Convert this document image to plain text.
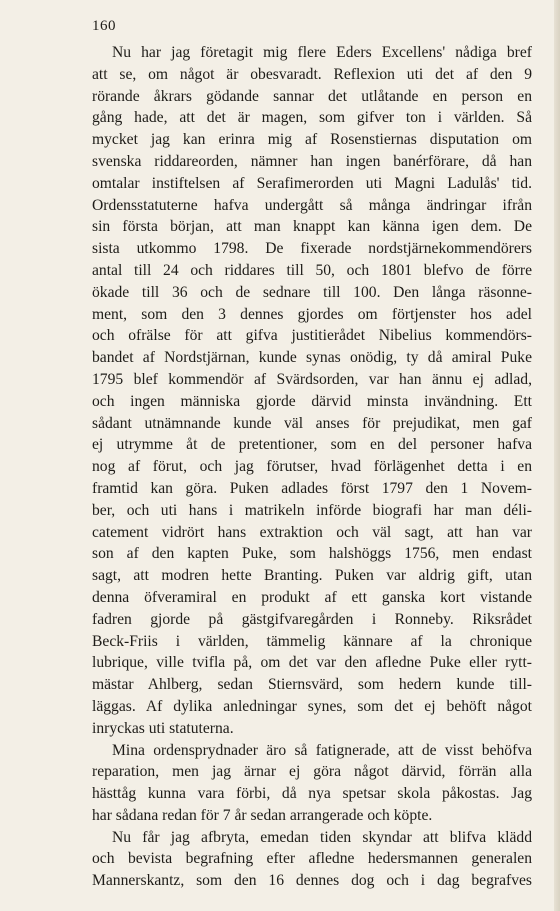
160
Nu har jag företagit mig flere Eders Excellens' nådiga bref
att se, om något är obesvaradt. Reflexion uti det af den 9
rörande åkrars gödande sannar det utlåtande en person en
gång hade, att det är magen, som gifver ton i världen. Så
mycket jag kan erinra mig af Rosenstiernas disputation om
svenska riddareorden, nämner han ingen banérförare, då han
omtalar instiftelsen af Serafimerorden uti Magni Ladulås' tid.
Ordensstatuterne hafva undergått så många ändringar ifrån
sin första början, att man knappt kan känna igen dem. De
sista utkommo 1798. De fixerade nordstjärnekommendörers
antal till 24 och riddares till 50, och 1801 blefvo de förre
ökade till 36 och de sednare till 100. Den långa räsonne-
ment, som den 3 dennes gjordes om förtjenster hos adel
och ofrälse för att gifva justitierådet Nibelius kommendörs-
bandet af Nordstjärnan, kunde synas onödig, ty då amiral Puke
1795 blef kommendör af Svärdsorden, var han ännu ej adlad,
och ingen människa gjorde därvid minsta invändning. Ett
sådant utnämnande kunde väl anses för prejudikat, men gaf
ej utrymme åt de pretentioner, som en del personer hafva
nog af förut, och jag förutser, hvad förlägenhet detta i en
framtid kan göra. Puken adlades först 1797 den 1 Novem-
ber, och uti hans i matrikeln införde biografi har man déli-
catement vidrört hans extraktion och väl sagt, att han var
son af den kapten Puke, som halshöggs 1756, men endast
sagt, att modren hette Branting. Puken var aldrig gift, utan
denna öfveramiral en produkt af ett ganska kort vistande
fadren gjorde på gästgifvaregården i Ronneby. Riksrådet
Beck-Friis i världen, tämmelig kännare af la chronique
lubrique, ville tvifla på, om det var den afledne Puke eller rytt-
mästar Ahlberg, sedan Stiernsvärd, som hedern kunde till-
läggas. Af dylika anledningar synes, som det ej behöft något
inryckas uti statuterna.
Mina ordensprydnader äro så fatignerade, att de visst behöfva
reparation, men jag ärnar ej göra något därvid, förrän alla
hästtåg kunna vara förbi, då nya spetsar skola påkostas. Jag
har sådana redan för 7 år sedan arrangerade och köpte.
Nu får jag afbryta, emedan tiden skyndar att blifva klädd
och bevista begrafning efter afledne hedersmannen generalen
Mannerskantz, som den 16 dennes dog och i dag begrafves
